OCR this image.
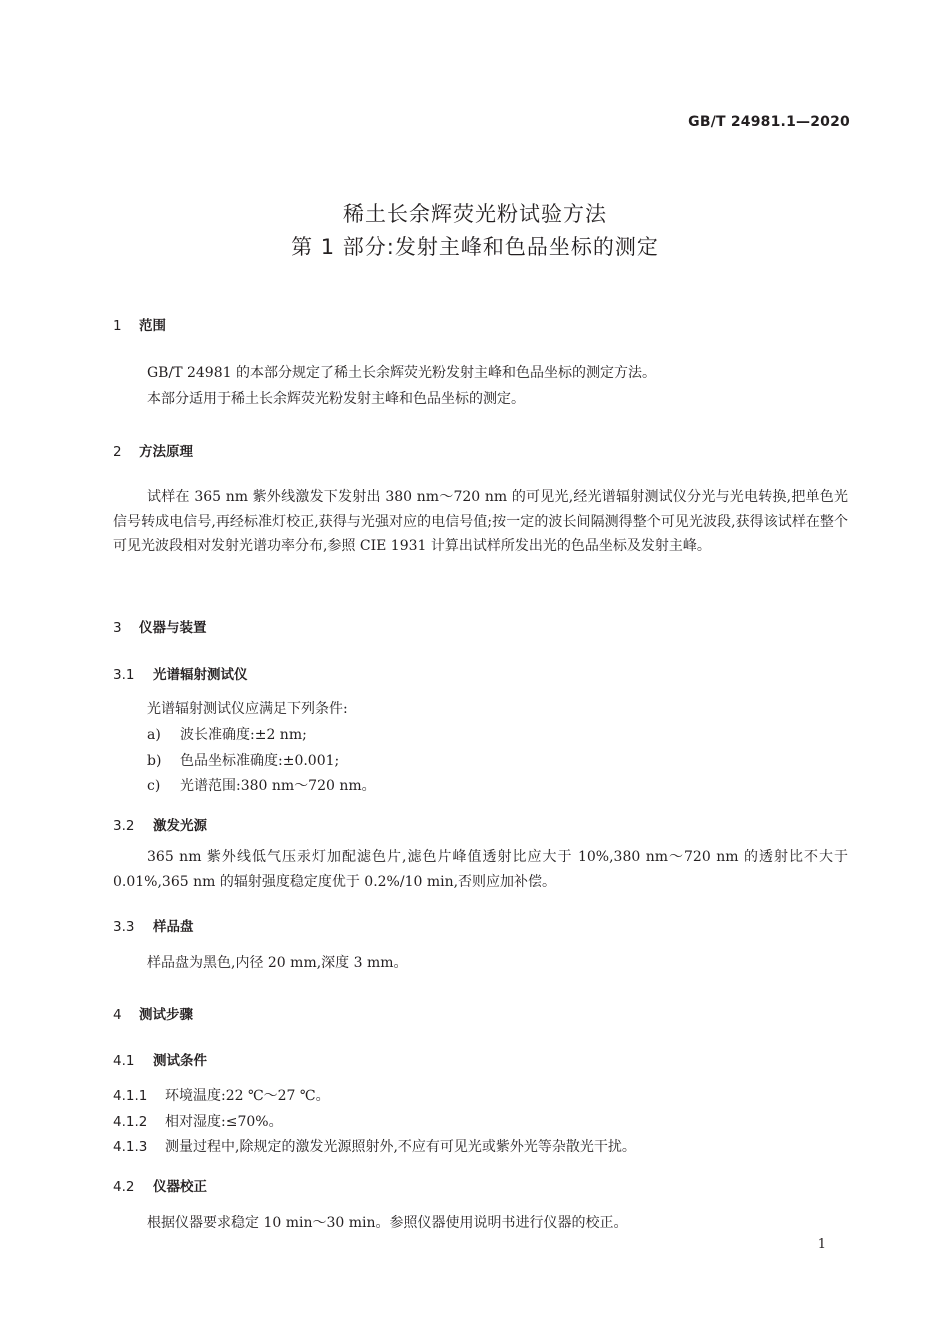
GB/T 24981.1—2020
稀土长余辉荧光粉试验方法
第 1 部分:发射主峰和色品坐标的测定
1 范围
GB/T 24981 的本部分规定了稀土长余辉荧光粉发射主峰和色品坐标的测定方法。
本部分适用于稀土长余辉荧光粉发射主峰和色品坐标的测定。
2 方法原理

试样在 365 nm 紫外线激发下发射出 380 nm～720 nm 的可见光,经光谱辐射测试仪分光与光电转换,把单色光信号转成电信号,再经标准灯校正,获得与光强对应的电信号值;按一定的波长间隔测得整个可见光波段,获得该试样在整个可见光波段相对发射光谱功率分布,参照 CIE 1931 计算出试样所发出光的色品坐标及发射主峰。

3 仪器与装置
3.1 光谱辐射测试仪
光谱辐射测试仪应满足下列条件:
a) 波长准确度:±2 nm;
b) 色品坐标准确度:±0.001;
c) 光谱范围:380 nm～720 nm。
3.2 激发光源

365 nm 紫外线低气压汞灯加配滤色片,滤色片峰值透射比应大于 10%,380 nm～720 nm 的透射比不大于 0.01%,365 nm 的辐射强度稳定度优于 0.2%/10 min,否则应加补偿。

3.3 样品盘
样品盘为黑色,内径 20 mm,深度 3 mm。
4 测试步骤
4.1 测试条件
4.1.1 环境温度:22 ℃～27 ℃。
4.1.2 相对湿度:≤70%。
4.1.3 测量过程中,除规定的激发光源照射外,不应有可见光或紫外光等杂散光干扰。
4.2 仪器校正
根据仪器要求稳定 10 min～30 min。参照仪器使用说明书进行仪器的校正。
1
